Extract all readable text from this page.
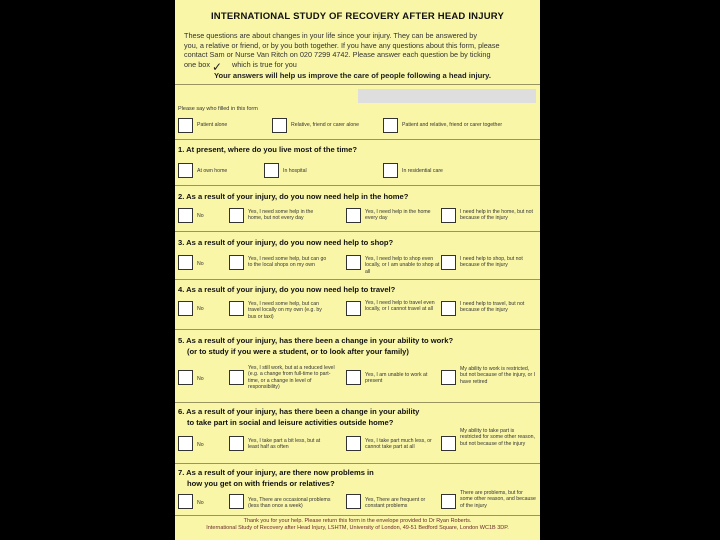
INTERNATIONAL STUDY OF RECOVERY AFTER HEAD INJURY
These questions are about changes in your life since your injury. They can be answered by
you, a relative or friend, or by you both together. If you have any questions about this form, please
contact Sam or Nurse Van Ritch on 020 7299 4742. Please answer each question be by ticking
one box	which is true for you
✓
Your answers will help us improve the care of people following a head injury.
Please say who filled in this form
Patient alone	Relative, friend or carer alone	Patient and relative, friend or carer together
1. At present, where do you live most of the time?
At own home	In hospital	In residential care
2. As a result of your injury, do you now need help in the home?
No
Yes, I need some help in the home, but not every day
Yes, I need help in the home every day
I need help in the home, but not because of the injury
3. As a result of your injury, do you now need help to shop?
No
Yes, I need some help, but can go to the local shops on my own
Yes, I need help to shop even locally, or I am unable to shop at all
I need help to shop, but not because of the injury
4. As a result of your injury, do you now need help to travel?
No
Yes, I need some help, but can travel locally on my own (e.g. by bus or taxi)
Yes, I need help to travel even locally, or I cannot travel at all
I need help to travel, but not because of the injury
5. As a result of your injury, has there been a change in your ability to work?
(or to study if you were a student, or to look after your family)
No
Yes, I still work, but at a reduced level (e.g. a change from full-time to part-time, or a change in level of responsibility)
Yes, I am unable to work at present
My ability to work is restricted, but not because of the injury, or I have retired
6. As a result of your injury, has there been a change in your ability
to take part in social and leisure activities outside home?
No
Yes, I take part a bit less, but at least half as often
Yes, I take part much less, or cannot take part at all
My ability to take part is restricted for some other reason, but not because of the injury
7. As a result of your injury, are there now problems in
how you get on with friends or relatives?
No	Yes, There are occasional problems (less than once a week)
Yes, There are frequent or constant problems
There are problems, but for some other reason, and because of the injury
Thank you for your help. Please return this form in the envelope provided to Dr Ryan Roberts.
International Study of Recovery after Head Injury, LSHTM, University of London, 49-51 Bedford Square, London WC1B 3DP.
